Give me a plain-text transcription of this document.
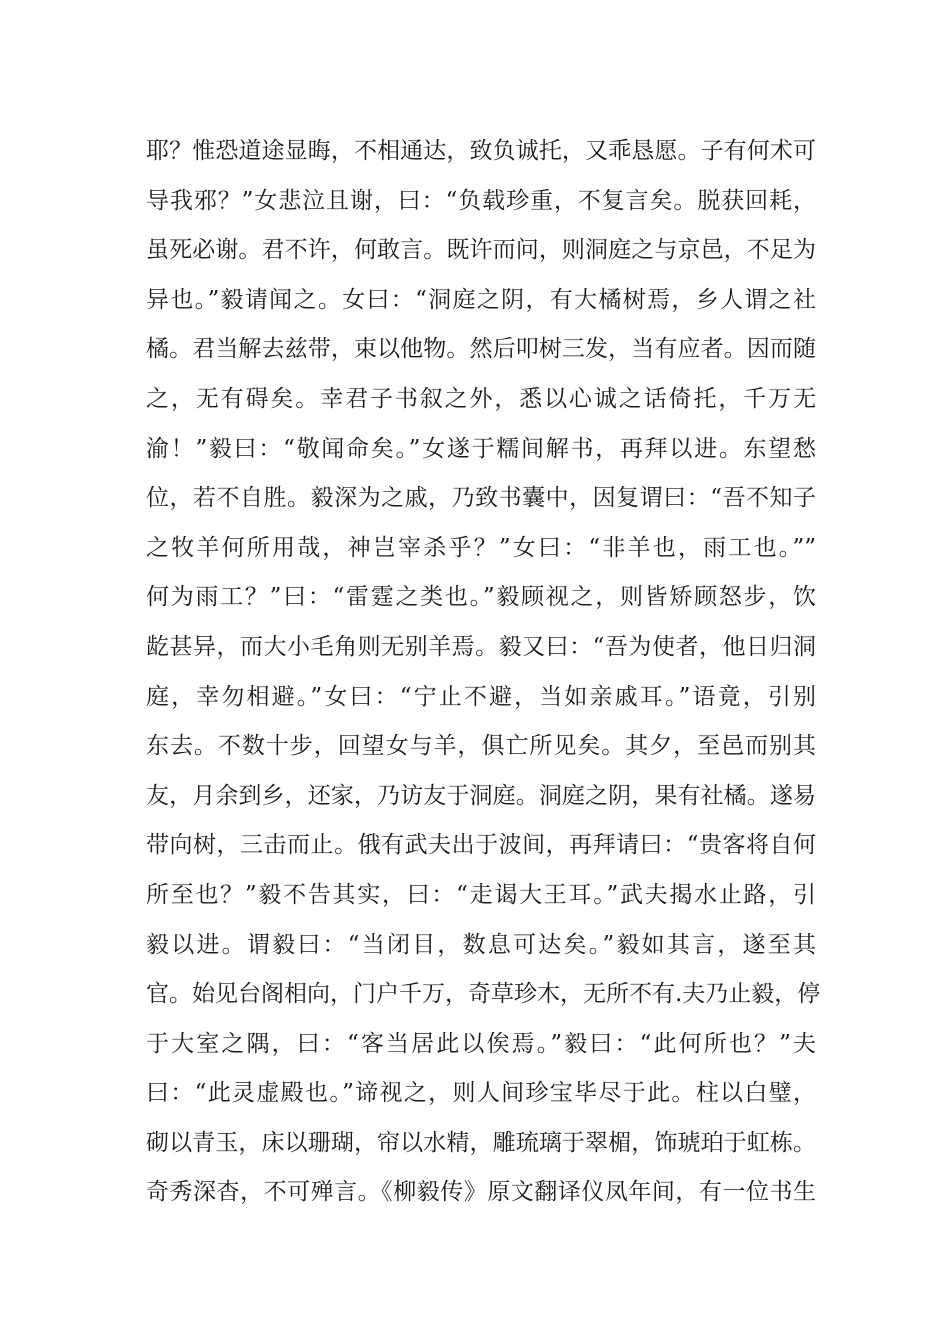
耶？惟恐道途显晦，不相通达，致负诚托，又乖恳愿。子有何术可
导我邪？”女悲泣且谢，曰：“负载珍重，不复言矣。脱获回耗，
虽死必谢。君不许，何敢言。既许而问，则洞庭之与京邑，不足为
异也。”毅请闻之。女曰：“洞庭之阴，有大橘树焉，乡人谓之社
橘。君当解去兹带，束以他物。然后叩树三发，当有应者。因而随
之，无有碍矣。幸君子书叙之外，悉以心诚之话倚托，千万无
渝！”毅曰：“敬闻命矣。”女遂于糯间解书，再拜以进。东望愁
位，若不自胜。毅深为之戚，乃致书囊中，因复谓曰：“吾不知子
之牧羊何所用哉，神岂宰杀乎？”女曰：“非羊也，雨工也。””
何为雨工？”曰：“雷霆之类也。”毅顾视之，则皆矫顾怒步，饮
龁甚异，而大小毛角则无别羊焉。毅又曰：“吾为使者，他日归洞
庭，幸勿相避。”女曰：“宁止不避，当如亲戚耳。”语竟，引别
东去。不数十步，回望女与羊，俱亡所见矣。其夕，至邑而别其
友，月余到乡，还家，乃访友于洞庭。洞庭之阴，果有社橘。遂易
带向树，三击而止。俄有武夫出于波间，再拜请曰：“贵客将自何
所至也？”毅不告其实，曰：“走谒大王耳。”武夫揭水止路，引
毅以进。谓毅曰：“当闭目，数息可达矣。”毅如其言，遂至其
官。始见台阁相向，门户千万，奇草珍木，无所不有.夫乃止毅，停
于大室之隅，曰：“客当居此以俟焉。”毅曰：“此何所也？”夫
曰：“此灵虚殿也。”谛视之，则人间珍宝毕尽于此。柱以白璧，
砌以青玉，床以珊瑚，帘以水精，雕琉璃于翠楣，饰琥珀于虹栋。
奇秀深杳，不可殚言。《柳毅传》原文翻译仪凤年间，有一位书生
